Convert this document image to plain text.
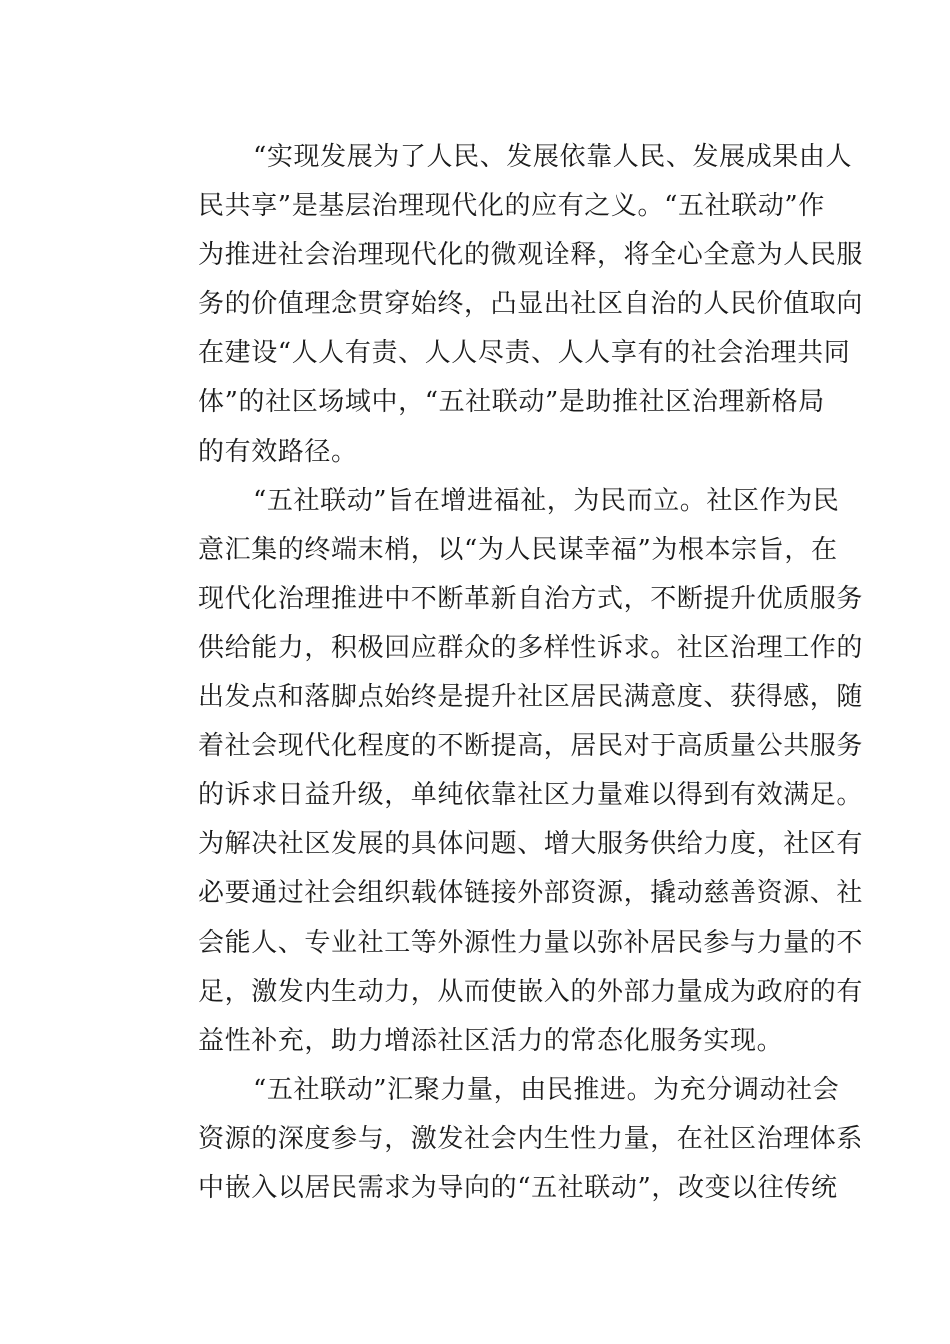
“实现发展为了人民、发展依靠人民、发展成果由人
民共享”是基层治理现代化的应有之义。“五社联动”作
为推进社会治理现代化的微观诠释，将全心全意为人民服
务的价值理念贯穿始终，凸显出社区自治的人民价值取向
在建设“人人有责、人人尽责、人人享有的社会治理共同
体”的社区场域中，“五社联动”是助推社区治理新格局
的有效路径。
“五社联动”旨在增进福祉，为民而立。社区作为民
意汇集的终端末梢，以“为人民谋幸福”为根本宗旨，在
现代化治理推进中不断革新自治方式，不断提升优质服务
供给能力，积极回应群众的多样性诉求。社区治理工作的
出发点和落脚点始终是提升社区居民满意度、获得感，随
着社会现代化程度的不断提高，居民对于高质量公共服务
的诉求日益升级，单纯依靠社区力量难以得到有效满足。
为解决社区发展的具体问题、增大服务供给力度，社区有
必要通过社会组织载体链接外部资源，撬动慈善资源、社
会能人、专业社工等外源性力量以弥补居民参与力量的不
足，激发内生动力，从而使嵌入的外部力量成为政府的有
益性补充，助力增添社区活力的常态化服务实现。
“五社联动”汇聚力量，由民推进。为充分调动社会
资源的深度参与，激发社会内生性力量，在社区治理体系
中嵌入以居民需求为导向的“五社联动”，改变以往传统
